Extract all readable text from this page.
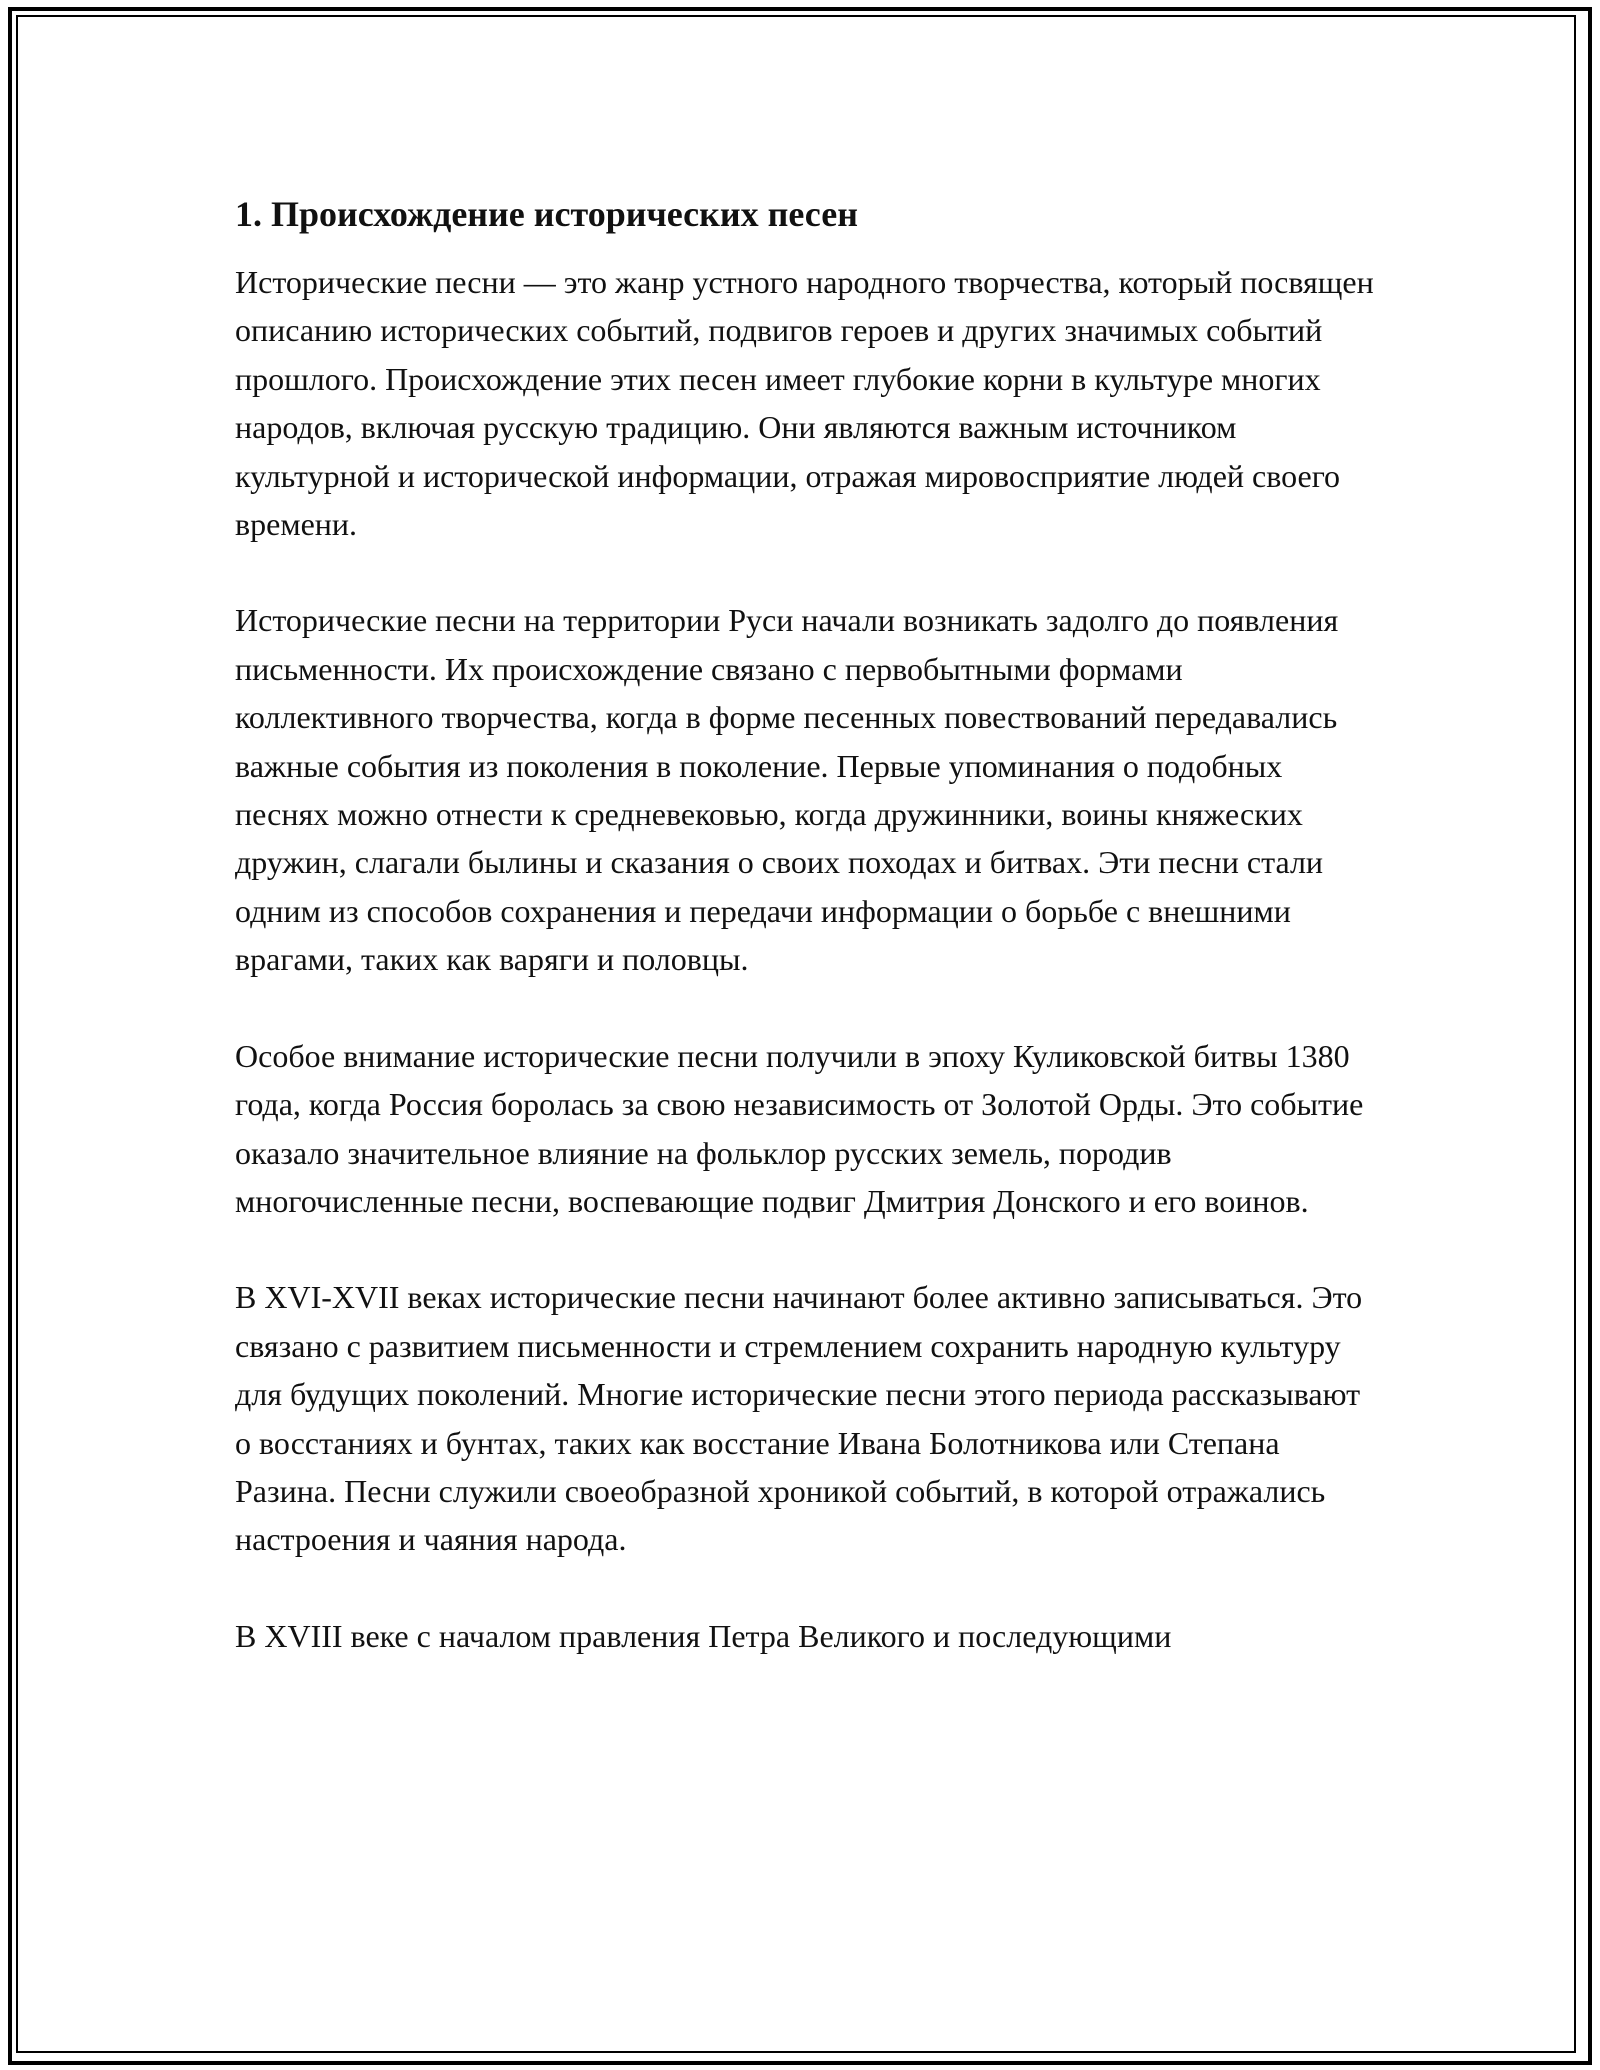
1. Происхождение исторических песен

Исторические песни — это жанр устного народного творчества, который посвящен описанию исторических событий, подвигов героев и других значимых событий прошлого. Происхождение этих песен имеет глубокие корни в культуре многих народов, включая русскую традицию. Они являются важным источником культурной и исторической информации, отражая мировосприятие людей своего времени.

Исторические песни на территории Руси начали возникать задолго до появления письменности. Их происхождение связано с первобытными формами коллективного творчества, когда в форме песенных повествований передавались важные события из поколения в поколение. Первые упоминания о подобных песнях можно отнести к средневековью, когда дружинники, воины княжеских дружин, слагали былины и сказания о своих походах и битвах. Эти песни стали одним из способов сохранения и передачи информации о борьбе с внешними врагами, таких как варяги и половцы.

Особое внимание исторические песни получили в эпоху Куликовской битвы 1380 года, когда Россия боролась за свою независимость от Золотой Орды. Это событие оказало значительное влияние на фольклор русских земель, породив многочисленные песни, воспевающие подвиг Дмитрия Донского и его воинов.

В XVI-XVII веках исторические песни начинают более активно записываться. Это связано с развитием письменности и стремлением сохранить народную культуру для будущих поколений. Многие исторические песни этого периода рассказывают о восстаниях и бунтах, таких как восстание Ивана Болотникова или Степана Разина. Песни служили своеобразной хроникой событий, в которой отражались настроения и чаяния народа.

В XVIII веке с началом правления Петра Великого и последующими
